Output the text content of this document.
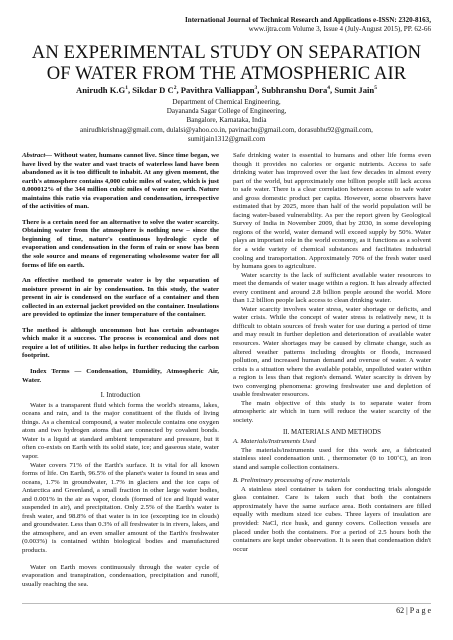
International Journal of Technical Research and Applications e-ISSN: 2320-8163,
www.ijtra.com Volume 3, Issue 4 (July-August 2015), PP. 62-66
AN EXPERIMENTAL STUDY ON SEPARATION OF WATER FROM THE ATMOSPHERIC AIR
Anirudh $K.G^1$, Sikdar D $C^2$, Pavithra Valliappan$^3$, Subhranshu Dora$^4$, Sumit Jain$^5$
Department of Chemical Engineering,
Dayananda Sagar College of Engineering,
Bangalore, Karnataka, India
anirudhkrishnag@gmail.com, dulalsi@yahoo.co.in, pavinachu@gmail.com, dorasubhu92@gmail.com,
sumitjain1312@gmail.com

Abstract— Without water, humans cannot live. Since time began, we have lived by the water and vast tracts of waterless land have been abandoned as it is too difficult to inhabit. At any given moment, the earth's atmosphere contains 4,000 cubic miles of water, which is just 0.000012% of the 344 million cubic miles of water on earth. Nature maintains this ratio via evaporation and condensation, irrespective of the activities of man.

There is a certain need for an alternative to solve the water scarcity. Obtaining water from the atmosphere is nothing new – since the beginning of time, nature's continuous hydrologic cycle of evaporation and condensation in the form of rain or snow has been the sole source and means of regenerating wholesome water for all forms of life on earth.

An effective method to generate water is by the separation of moisture present in air by condensation. In this study, the water present in air is condensed on the surface of a container and then collected in an external jacket provided on the container. Insulations are provided to optimize the inner temperature of the container.

The method is although uncommon but has certain advantages which make it a success. The process is economical and does not require a lot of utilities. It also helps in further reducing the carbon footprint.

Index Terms — Condensation, Humidity, Atmospheric Air, Water.

I. Introduction

Water is a transparent fluid which forms the world's streams, lakes, oceans and rain, and is the major constituent of the fluids of living things. As a chemical compound, a water molecule contains one oxygen atom and two hydrogen atoms that are connected by covalent bonds. Water is a liquid at standard ambient temperature and pressure, but it often co-exists on Earth with its solid state, ice; and gaseous state, water vapor.

Water covers 71% of the Earth's surface. It is vital for all known forms of life. On Earth, 96.5% of the planet's water is found in seas and oceans, 1.7% in groundwater, 1.7% in glaciers and the ice caps of Antarctica and Greenland, a small fraction in other large water bodies, and 0.001% in the air as vapor, clouds (formed of ice and liquid water suspended in air), and precipitation. Only 2.5% of the Earth's water is fresh water, and 98.8% of that water is in ice (excepting ice in clouds) and groundwater. Less than 0.3% of all freshwater is in rivers, lakes, and the atmosphere, and an even smaller amount of the Earth's freshwater (0.003%) is contained within biological bodies and manufactured products.

Water on Earth moves continuously through the water cycle of evaporation and transpiration, condensation, precipitation and runoff, usually reaching the sea.

Safe drinking water is essential to humans and other life forms even though it provides no calories or organic nutrients. Access to safe drinking water has improved over the last few decades in almost every part of the world, but approximately one billion people still lack access to safe water. There is a clear correlation between access to safe water and gross domestic product per capita. However, some observers have estimated that by 2025, more than half of the world population will be facing water-based vulnerability. As per the report given by Geological Survey of India in November 2009, that by 2030, in some developing regions of the world, water demand will exceed supply by 50%. Water plays an important role in the world economy, as it functions as a solvent for a wide variety of chemical substances and facilitates industrial cooling and transportation. Approximately 70% of the fresh water used by humans goes to agriculture.

Water scarcity is the lack of sufficient available water resources to meet the demands of water usage within a region. It has already affected every continent and around 2.8 billion people around the world. More than 1.2 billion people lack access to clean drinking water.

Water scarcity involves water stress, water shortage or deficits, and water crisis. While the concept of water stress is relatively new, it is difficult to obtain sources of fresh water for use during a period of time and may result in further depletion and deterioration of available water resources. Water shortages may be caused by climate change, such as altered weather patterns including droughts or floods, increased pollution, and increased human demand and overuse of water. A water crisis is a situation where the available potable, unpolluted water within a region is less than that region's demand. Water scarcity is driven by two converging phenomena: growing freshwater use and depletion of usable freshwater resources.

The main objective of this study is to separate water from atmospheric air which in turn will reduce the water scarcity of the society.

II. MATERIALS AND METHODS
A. Materials/Instruments Used

The materials/instruments used for this work are, a fabricated stainless steel condensation unit. , thermometer (0 to 100˚C), an iron stand and sample collection containers.

B. Preliminary processing of raw materials

A stainless steel container is taken for conducting trials alongside glass container. Care is taken such that both the containers approximately have the same surface area. Both containers are filled equally with medium sized ice cubes. Three layers of insulation are provided: NaCl, rice husk, and gunny covers. Collection vessels are placed under both the containers. For a period of 2.5 hours both the containers are kept under observation. It is seen that condensation didn't occur

62 | P a g e
